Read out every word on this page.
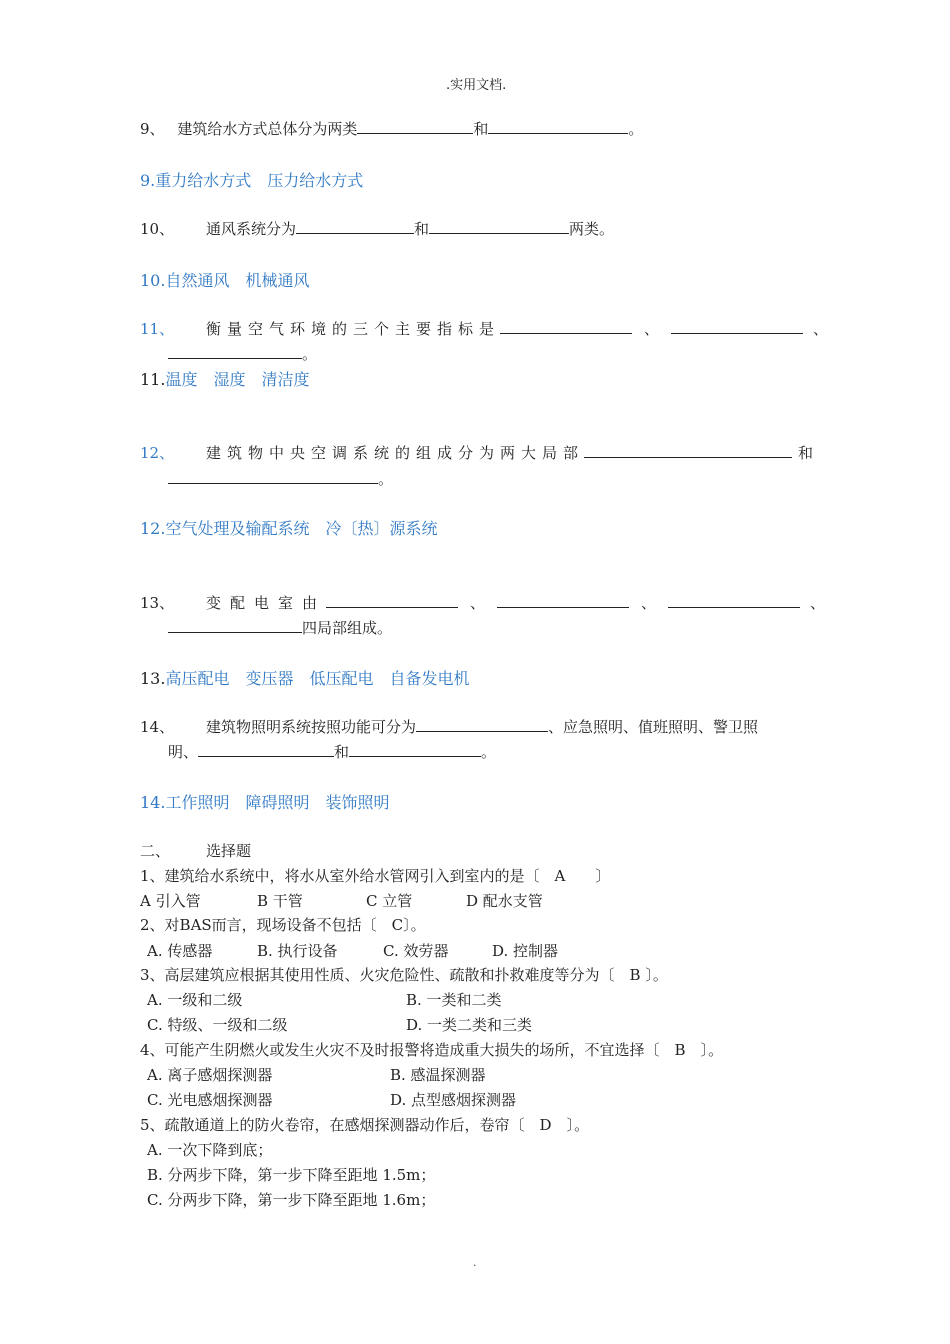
.实用文档.
9、 建筑给水方式总体分为两类	和	。
9.重力给水方式　压力给水方式
10、 通风系统分为	和	两类。
10.自然通风　机械通风
11、 衡量空气环境的三个主要指标是	、	、
。
11.温度　湿度　清洁度
12、 建筑物中央空调系统的组成分为两大局部	和
。
12.空气处理及输配系统　冷〔热〕源系统
13、 变配电室由	、	、	、
四局部组成。
13.高压配电　变压器　低压配电　自备发电机
14、 建筑物照明系统按照功能可分为	、应急照明、值班照明、警卫照
明、	和	。
14.工作照明　障碍照明　装饰照明
二、 选择题
1、建筑给水系统中，将水从室外给水管网引入到室内的是〔　A　　〕
A 引入管	B 干管	C 立管	D 配水支管
2、对BAS而言，现场设备不包括〔　C〕。
A. 传感器	B. 执行设备	C. 效劳器	D. 控制器
3、高层建筑应根据其使用性质、火灾危险性、疏散和扑救难度等分为〔　B 〕。
A. 一级和二级	B. 一类和二类
C. 特级、一级和二级	D. 一类二类和三类
4、可能产生阴燃火或发生火灾不及时报警将造成重大损失的场所，不宜选择〔　B　〕。
A. 离子感烟探测器	B. 感温探测器
C. 光电感烟探测器	D. 点型感烟探测器
5、疏散通道上的防火卷帘，在感烟探测器动作后，卷帘〔　D　〕。
A. 一次下降到底；
B. 分两步下降，第一步下降至距地 1.5m；
C. 分两步下降，第一步下降至距地 1.6m；
.
